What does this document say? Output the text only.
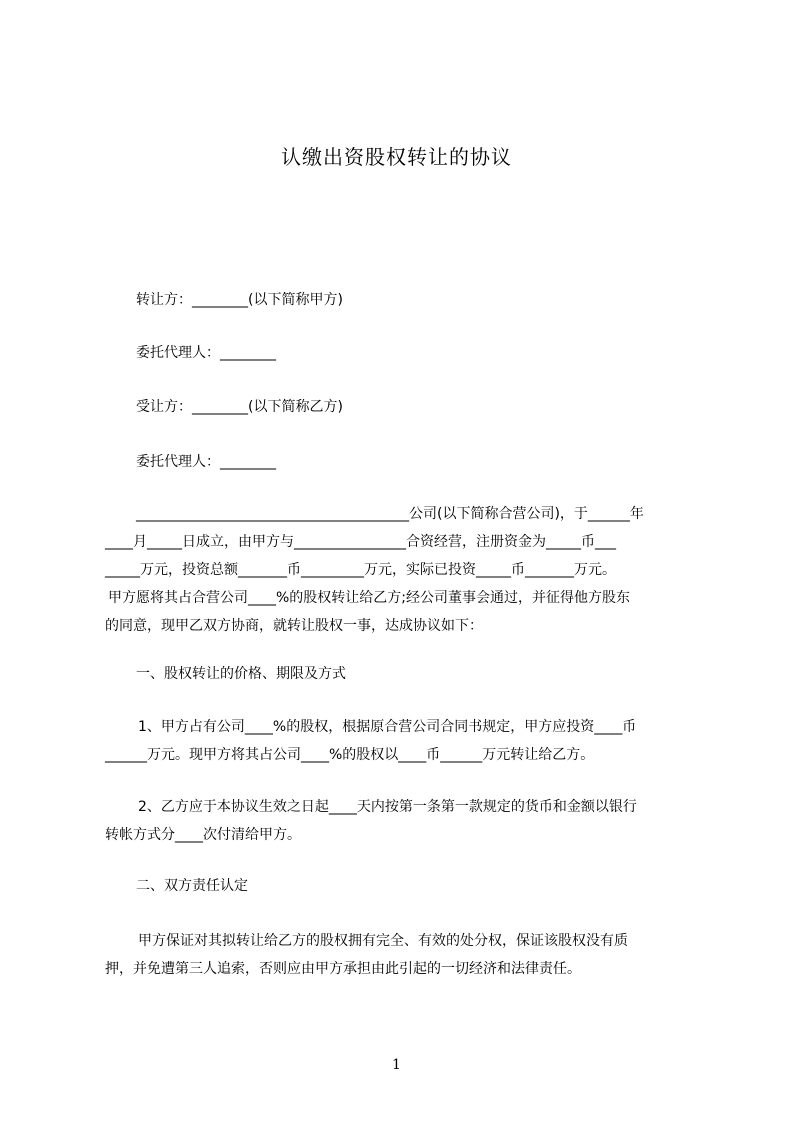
认缴出资股权转让的协议
转让方：________(以下简称甲方)
委托代理人：________
受让方：________(以下简称乙方)
委托代理人：________
_______________________________________公司(以下简称合营公司)，于______年
____月_____日成立，由甲方与________________合资经营，注册资金为_____币___
_____万元，投资总额_______币_________万元，实际已投资_____币_______万元。
甲方愿将其占合营公司____%的股权转让给乙方;经公司董事会通过，并征得他方股东
的同意，现甲乙双方协商，就转让股权一事，达成协议如下：
一、股权转让的价格、期限及方式
1、甲方占有公司____%的股权，根据原合营公司合同书规定，甲方应投资____币
______万元。现甲方将其占公司____%的股权以____币______万元转让给乙方。
2、乙方应于本协议生效之日起____天内按第一条第一款规定的货币和金额以银行
转帐方式分____次付清给甲方。
二、双方责任认定
甲方保证对其拟转让给乙方的股权拥有完全、有效的处分权，保证该股权没有质
押，并免遭第三人追索，否则应由甲方承担由此引起的一切经济和法律责任。
1
